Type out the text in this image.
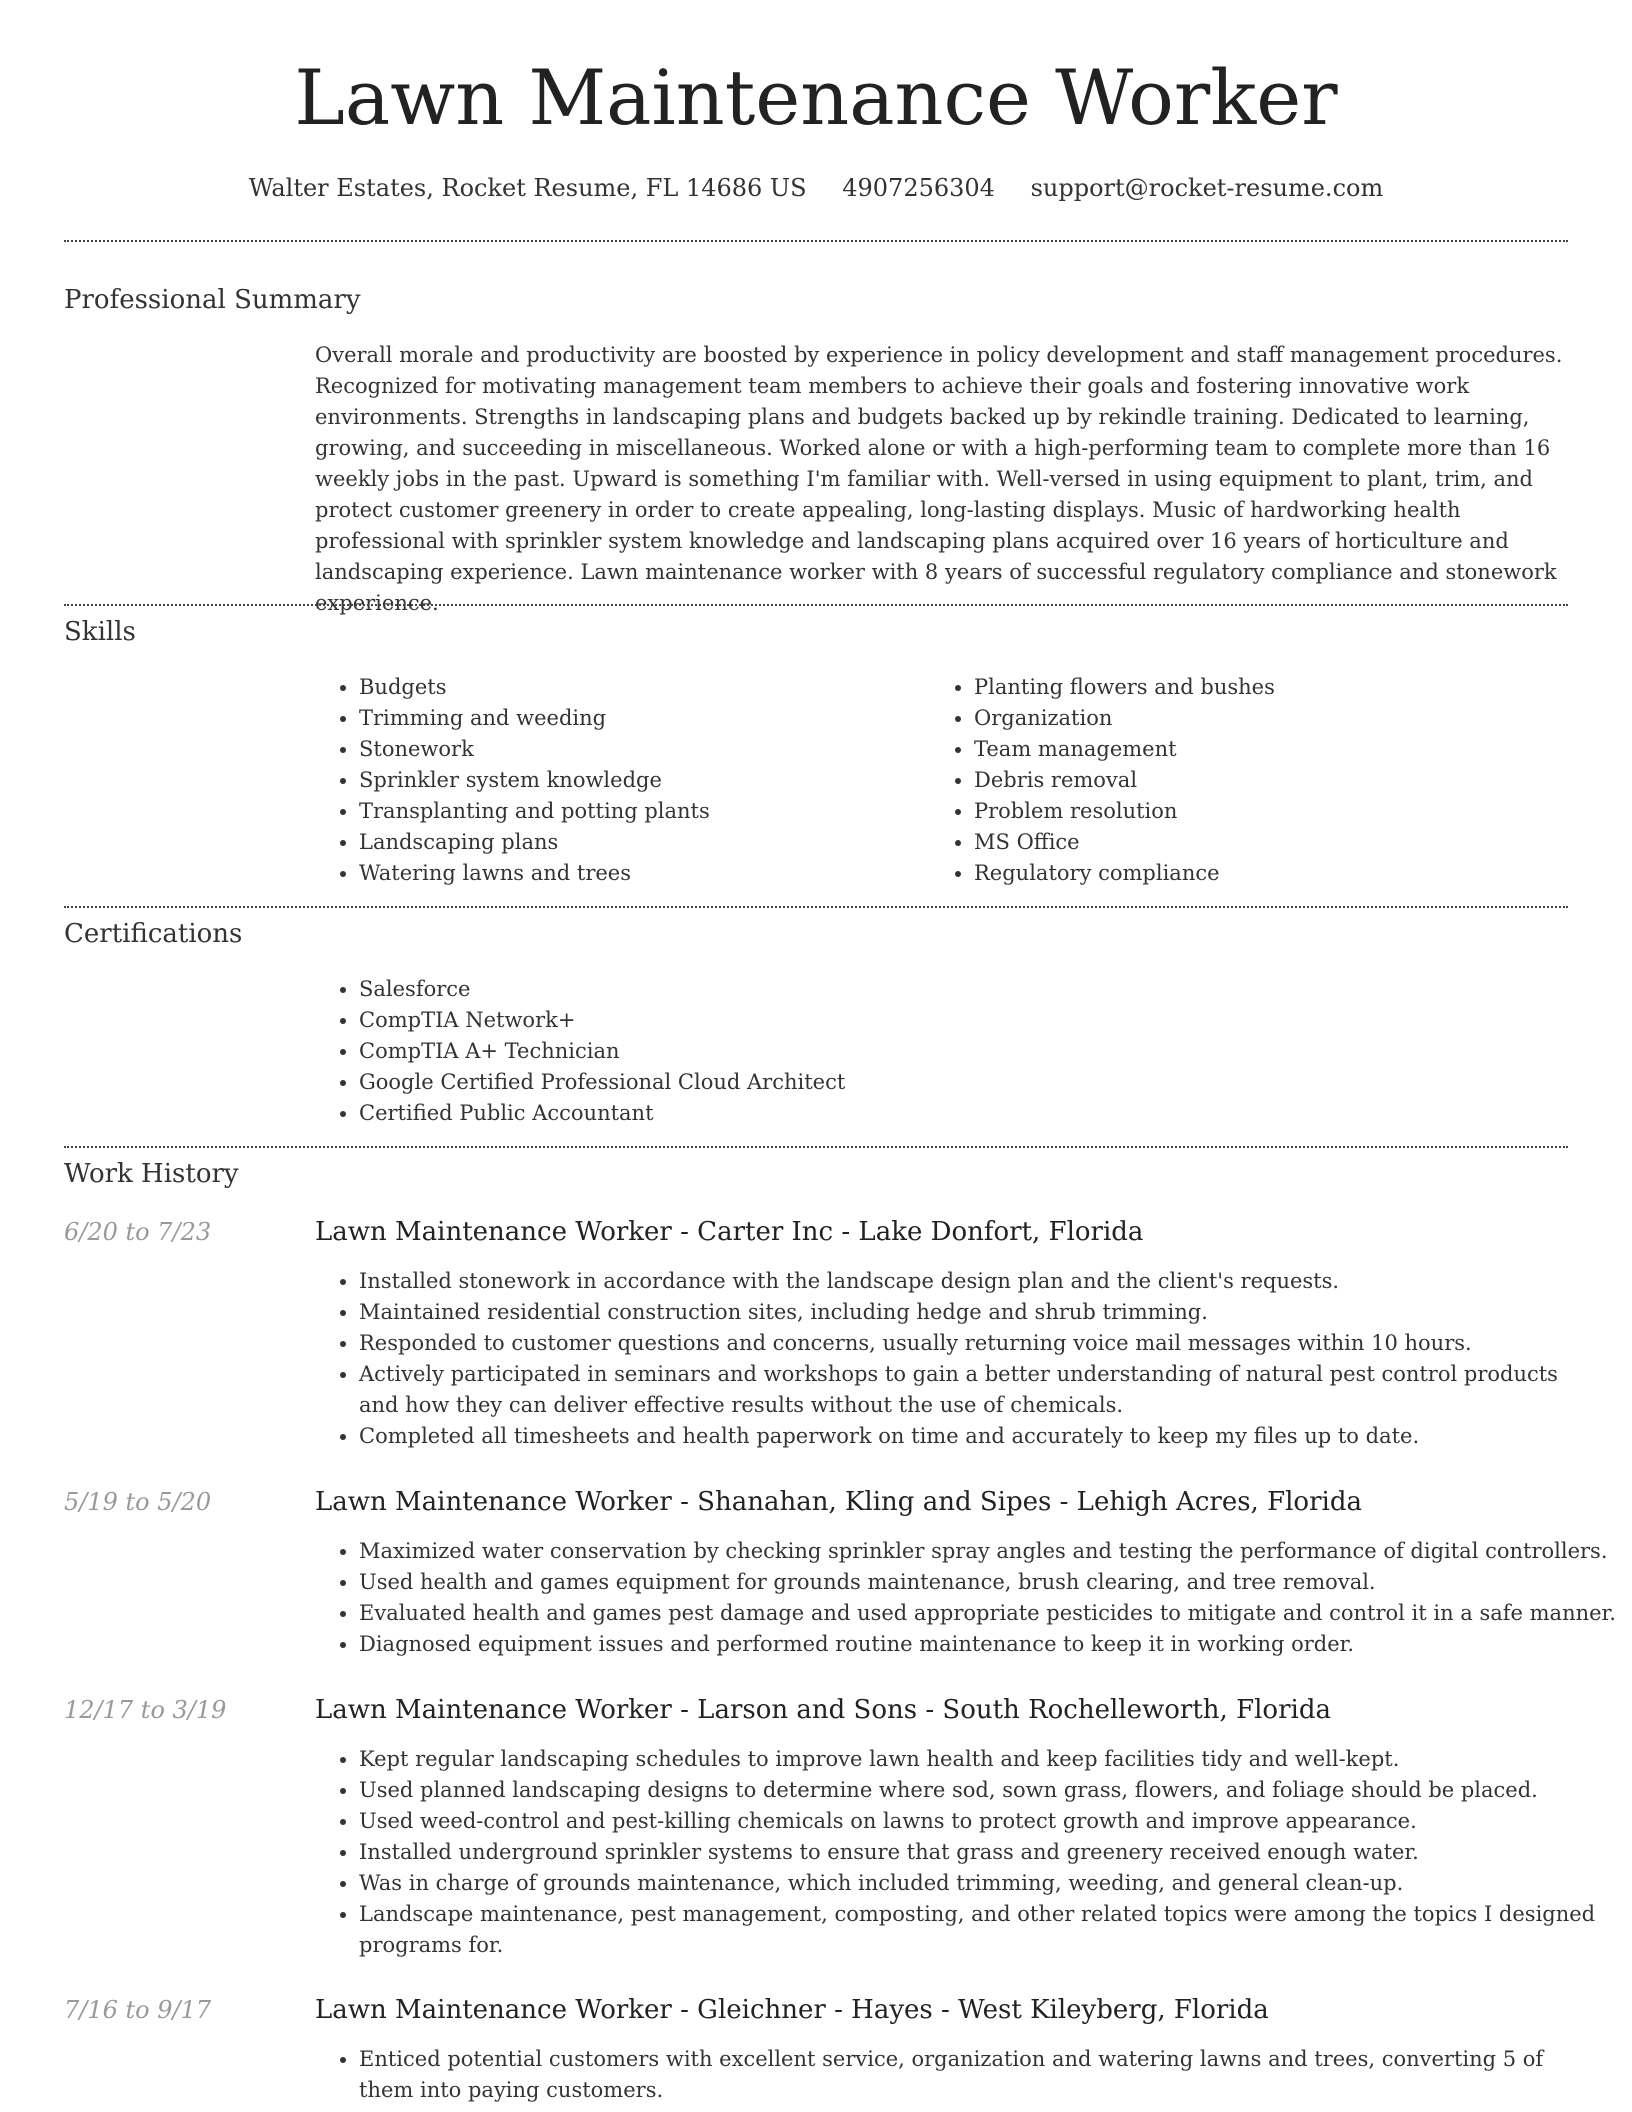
Lawn Maintenance Worker
Walter Estates, Rocket Resume, FL 14686 US 4907256304 support@rocket-resume.com
Professional Summary

Overall morale and productivity are boosted by experience in policy development and staff management procedures. Recognized for motivating management team members to achieve their goals and fostering innovative work environments. Strengths in landscaping plans and budgets backed up by rekindle training. Dedicated to learning, growing, and succeeding in miscellaneous. Worked alone or with a high-performing team to complete more than 16 weekly jobs in the past. Upward is something I'm familiar with. Well-versed in using equipment to plant, trim, and protect customer greenery in order to create appealing, long-lasting displays. Music of hardworking health professional with sprinkler system knowledge and landscaping plans acquired over 16 years of horticulture and landscaping experience. Lawn maintenance worker with 8 years of successful regulatory compliance and stonework experience.

Skills
• Budgets
• Trimming and weeding
• Stonework
• Sprinkler system knowledge
• Transplanting and potting plants
• Landscaping plans
• Watering lawns and trees
• Planting flowers and bushes
• Organization
• Team management
• Debris removal
• Problem resolution
• MS Office
• Regulatory compliance
Certifications
• Salesforce
• CompTIA Network+
• CompTIA A+ Technician
• Google Certified Professional Cloud Architect
• Certified Public Accountant
Work History
6/20 to 7/23	Lawn Maintenance Worker - Carter Inc - Lake Donfort, Florida
• Installed stonework in accordance with the landscape design plan and the client's requests.
• Maintained residential construction sites, including hedge and shrub trimming.
• Responded to customer questions and concerns, usually returning voice mail messages within 10 hours.
• Actively participated in seminars and workshops to gain a better understanding of natural pest control products and how they can deliver effective results without the use of chemicals.
• Completed all timesheets and health paperwork on time and accurately to keep my files up to date.
5/19 to 5/20	Lawn Maintenance Worker - Shanahan, Kling and Sipes - Lehigh Acres, Florida
• Maximized water conservation by checking sprinkler spray angles and testing the performance of digital controllers.
• Used health and games equipment for grounds maintenance, brush clearing, and tree removal.
• Evaluated health and games pest damage and used appropriate pesticides to mitigate and control it in a safe manner.
• Diagnosed equipment issues and performed routine maintenance to keep it in working order.
12/17 to 3/19	Lawn Maintenance Worker - Larson and Sons - South Rochelleworth, Florida
• Kept regular landscaping schedules to improve lawn health and keep facilities tidy and well-kept.
• Used planned landscaping designs to determine where sod, sown grass, flowers, and foliage should be placed.
• Used weed-control and pest-killing chemicals on lawns to protect growth and improve appearance.
• Installed underground sprinkler systems to ensure that grass and greenery received enough water.
• Was in charge of grounds maintenance, which included trimming, weeding, and general clean-up.
• Landscape maintenance, pest management, composting, and other related topics were among the topics I designed programs for.
7/16 to 9/17	Lawn Maintenance Worker - Gleichner - Hayes - West Kileyberg, Florida
• Enticed potential customers with excellent service, organization and watering lawns and trees, converting 5 of them into paying customers.
